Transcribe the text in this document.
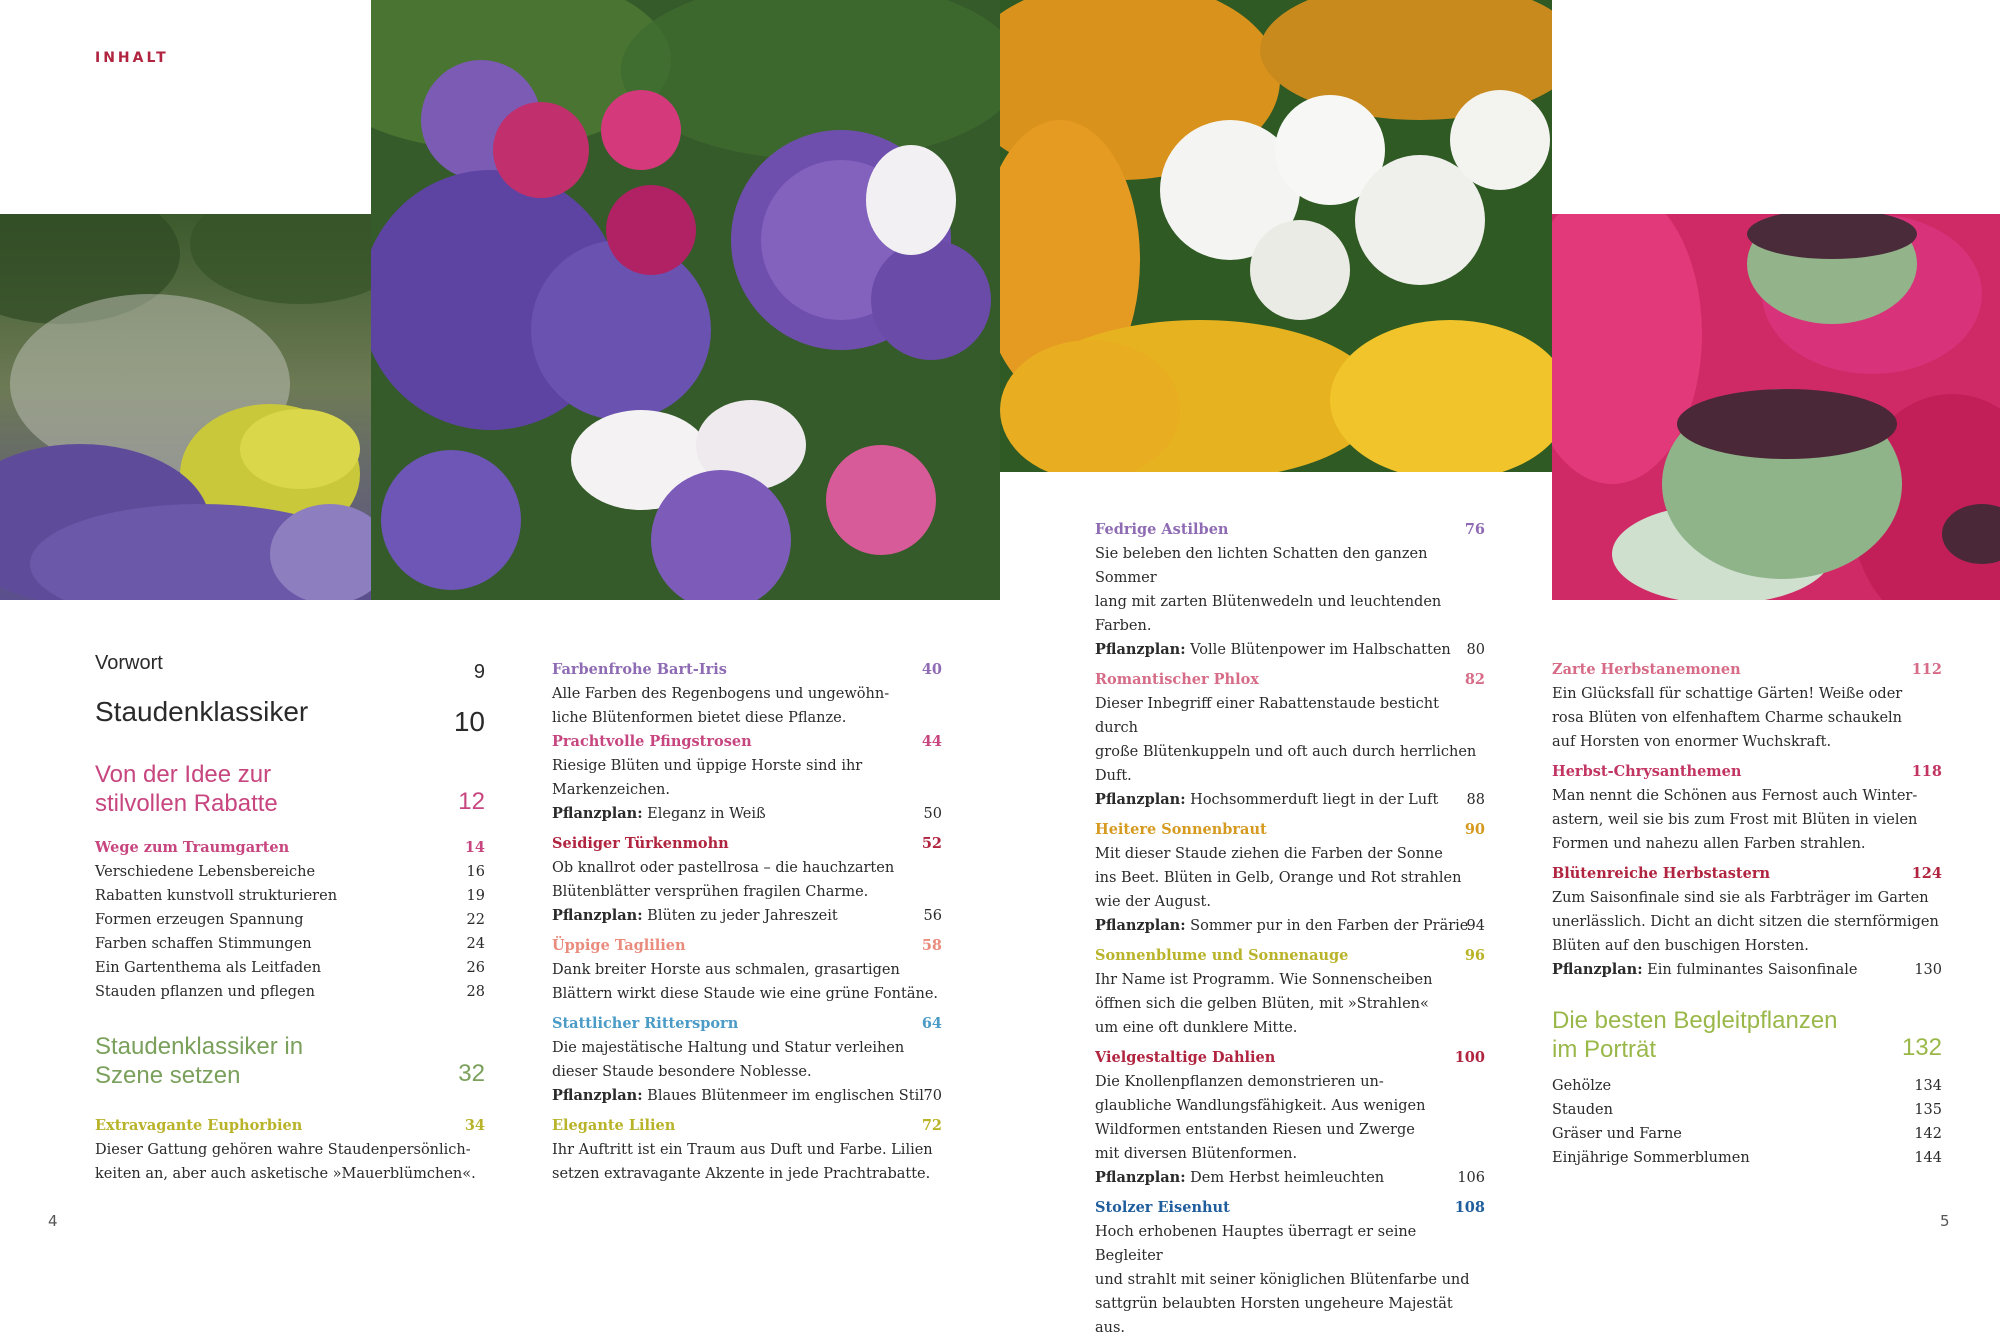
INHALT
4	5
Vorwort	9
Staudenklassiker	10
Von der Idee zur
stilvollen Rabatte	12
Wege zum Traumgarten	14
Verschiedene Lebensbereiche	16
Rabatten kunstvoll strukturieren	19
Formen erzeugen Spannung	22
Farben schaffen Stimmungen	24
Ein Gartenthema als Leitfaden	26
Stauden pflanzen und pflegen	28
Staudenklassiker in
Szene setzen	32
Extravagante Euphorbien	34
Dieser Gattung gehören wahre Staudenpersönlich-
keiten an, aber auch asketische »Mauerblümchen«.
Farbenfrohe Bart-Iris	40
Alle Farben des Regenbogens und ungewöhn-
liche Blütenformen bietet diese Pflanze.
Prachtvolle Pfingstrosen	44
Riesige Blüten und üppige Horste sind ihr
Markenzeichen.
Pflanzplan: Eleganz in Weiß	50
Seidiger Türkenmohn	52
Ob knallrot oder pastellrosa – die hauchzarten
Blütenblätter versprühen fragilen Charme.
Pflanzplan: Blüten zu jeder Jahreszeit	56
Üppige Taglilien	58
Dank breiter Horste aus schmalen, grasartigen
Blättern wirkt diese Staude wie eine grüne Fontäne.
Stattlicher Rittersporn	64
Die majestätische Haltung und Statur verleihen
dieser Staude besondere Noblesse.
Pflanzplan: Blaues Blütenmeer im englischen Stil 70
Elegante Lilien	72
Ihr Auftritt ist ein Traum aus Duft und Farbe. Lilien
setzen extravagante Akzente in jede Prachtrabatte.
Fedrige Astilben	76
Sie beleben den lichten Schatten den ganzen Sommer
lang mit zarten Blütenwedeln und leuchtenden Farben.
Pflanzplan: Volle Blütenpower im Halbschatten 80
Romantischer Phlox	82
Dieser Inbegriff einer Rabattenstaude besticht durch
große Blütenkuppeln und oft auch durch herrlichen Duft.
Pflanzplan: Hochsommerduft liegt in der Luft 88
Heitere Sonnenbraut	90
Mit dieser Staude ziehen die Farben der Sonne
ins Beet. Blüten in Gelb, Orange und Rot strahlen
wie der August.
Pflanzplan: Sommer pur in den Farben der Prärie
94
Sonnenblume und Sonnenauge	96
Ihr Name ist Programm. Wie Sonnenscheiben
öffnen sich die gelben Blüten, mit »Strahlen«
um eine oft dunklere Mitte.
Vielgestaltige Dahlien	100
Die Knollenpflanzen demonstrieren un-
glaubliche Wandlungsfähigkeit. Aus wenigen
Wildformen entstanden Riesen und Zwerge
mit diversen Blütenformen.
Pflanzplan: Dem Herbst heimleuchten	106
Stolzer Eisenhut	108
Hoch erhobenen Hauptes überragt er seine Begleiter
und strahlt mit seiner königlichen Blütenfarbe und
sattgrün belaubten Horsten ungeheure Majestät aus.
Zarte Herbstanemonen	112
Ein Glücksfall für schattige Gärten! Weiße oder
rosa Blüten von elfenhaftem Charme schaukeln
auf Horsten von enormer Wuchskraft.
Herbst-Chrysanthemen	118
Man nennt die Schönen aus Fernost auch Winter-
astern, weil sie bis zum Frost mit Blüten in vielen
Formen und nahezu allen Farben strahlen.
Blütenreiche Herbstastern	124
Zum Saisonfinale sind sie als Farbträger im Garten
unerlässlich. Dicht an dicht sitzen die sternförmigen
Blüten auf den buschigen Horsten.
Pflanzplan: Ein fulminantes Saisonfinale	130
Die besten Begleitpflanzen
im Porträt	132
Gehölze	134
Stauden	135
Gräser und Farne	142
Einjährige Sommerblumen	144
